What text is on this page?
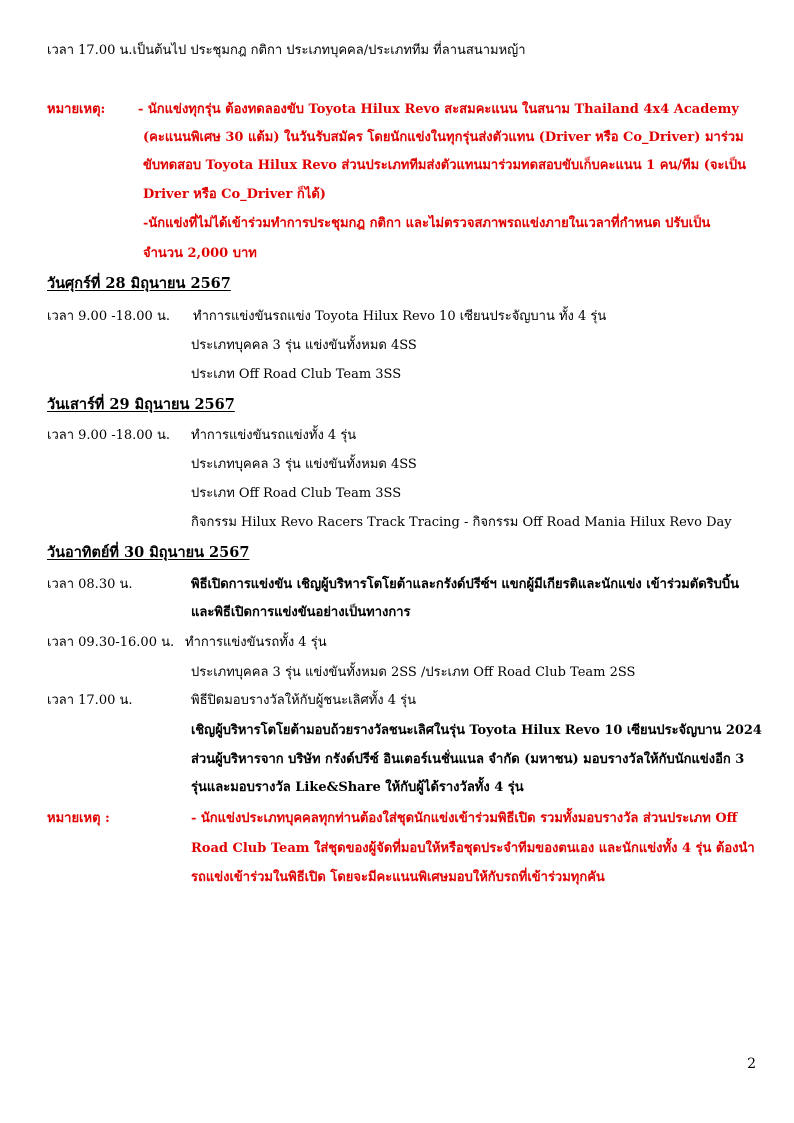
เวลา 17.00 น.เป็นต้นไป ประชุมกฎ กติกา ประเภทบุคคล/ประเภททีม ที่ลานสนามหญ้า
หมายเหตุ:	- นักแข่งทุกรุ่น ต้องทดลองขับ Toyota Hilux Revo สะสมคะแนน ในสนาม Thailand 4x4 Academy
(คะแนนพิเศษ 30 แต้ม) ในวันรับสมัคร โดยนักแข่งในทุกรุ่นส่งตัวแทน (Driver หรือ Co_Driver) มาร่วม
ขับทดสอบ Toyota Hilux Revo ส่วนประเภททีมส่งตัวแทนมาร่วมทดสอบขับเก็บคะแนน 1 คน/ทีม (จะเป็น
Driver หรือ Co_Driver ก็ได้)
-นักแข่งที่ไม่ได้เข้าร่วมทำการประชุมกฎ กติกา และไม่ตรวจสภาพรถแข่งภายในเวลาที่กำหนด ปรับเป็น
จำนวน 2,000 บาท
วันศุกร์ที่ 28 มิถุนายน 2567
เวลา 9.00 -18.00 น. ทำการแข่งขันรถแข่ง Toyota Hilux Revo 10 เซียนประจัญบาน ทั้ง 4 รุ่น
ประเภทบุคคล 3 รุ่น แข่งขันทั้งหมด 4SS
ประเภท Off Road Club Team 3SS
วันเสาร์ที่ 29 มิถุนายน 2567
เวลา 9.00 -18.00 น. ทำการแข่งขันรถแข่งทั้ง 4 รุ่น
ประเภทบุคคล 3 รุ่น แข่งขันทั้งหมด 4SS
ประเภท Off Road Club Team 3SS
กิจกรรม Hilux Revo Racers Track Tracing - กิจกรรม Off Road Mania Hilux Revo Day
วันอาทิตย์ที่ 30 มิถุนายน 2567
เวลา 08.30 น.	พิธีเปิดการแข่งขัน เชิญผู้บริหารโตโยต้าและกรังด์ปรีซ์ฯ แขกผู้มีเกียรติและนักแข่ง เข้าร่วมตัดริบบิ้น
และพิธีเปิดการแข่งขันอย่างเป็นทางการ
เวลา 09.30-16.00 น. ทำการแข่งขันรถทั้ง 4 รุ่น
ประเภทบุคคล 3 รุ่น แข่งขันทั้งหมด 2SS /ประเภท Off Road Club Team 2SS
เวลา 17.00 น.	พิธีปิดมอบรางวัลให้กับผู้ชนะเลิศทั้ง 4 รุ่น
เชิญผู้บริหารโตโยต้ามอบถ้วยรางวัลชนะเลิศในรุ่น Toyota Hilux Revo 10 เซียนประจัญบาน 2024
ส่วนผู้บริหารจาก บริษัท กรังด์ปรีซ์ อินเตอร์เนชั่นแนล จำกัด (มหาชน) มอบรางวัลให้กับนักแข่งอีก 3
รุ่นและมอบรางวัล Like&Share ให้กับผู้ได้รางวัลทั้ง 4 รุ่น
หมายเหตุ :	- นักแข่งประเภทบุคคลทุกท่านต้องใส่ชุดนักแข่งเข้าร่วมพิธีเปิด รวมทั้งมอบรางวัล ส่วนประเภท Off
Road Club Team ใส่ชุดของผู้จัดที่มอบให้หรือชุดประจำทีมของตนเอง และนักแข่งทั้ง 4 รุ่น ต้องนำ
รถแข่งเข้าร่วมในพิธีเปิด โดยจะมีคะแนนพิเศษมอบให้กับรถที่เข้าร่วมทุกคัน
2
